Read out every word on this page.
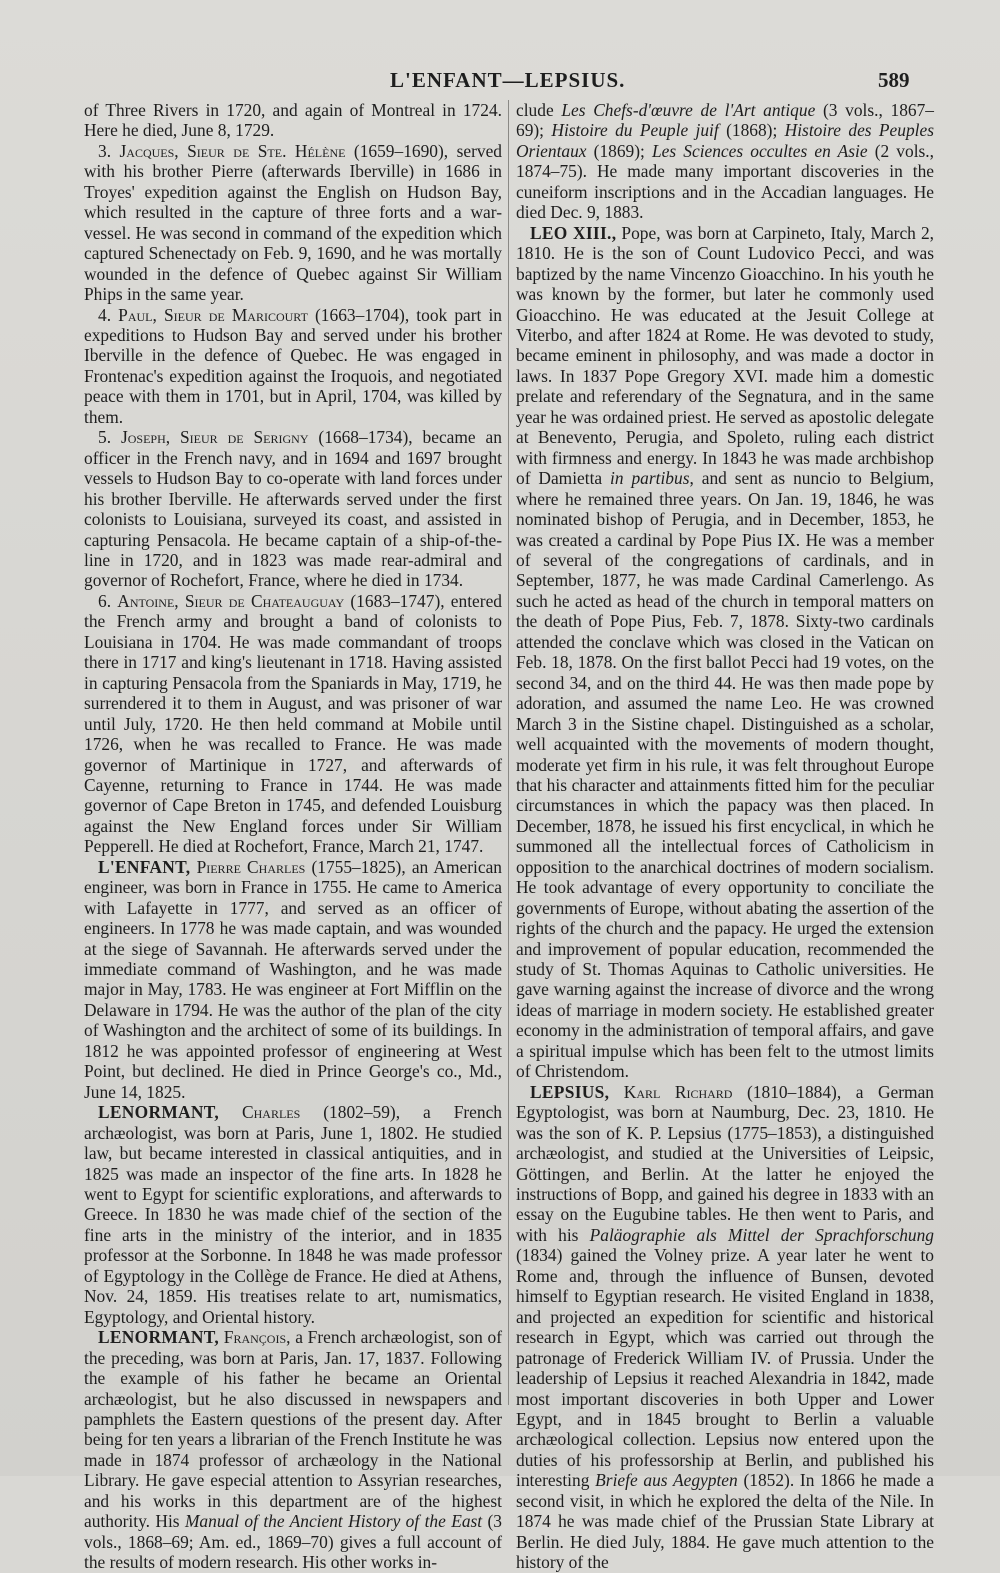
L'ENFANT—LEPSIUS.	589

of Three Rivers in 1720, and again of Montreal in 1724. Here he died, June 8, 1729.

3. Jacques, Sieur de Ste. Hélène (1659–1690), served with his brother Pierre (afterwards Iberville) in 1686 in Troyes' expedition against the English on Hudson Bay, which resulted in the capture of three forts and a war-vessel. He was second in command of the expedition which captured Schenectady on Feb. 9, 1690, and he was mortally wounded in the defence of Quebec against Sir William Phips in the same year.

4. Paul, Sieur de Maricourt (1663–1704), took part in expeditions to Hudson Bay and served under his brother Iberville in the defence of Quebec. He was engaged in Frontenac's expedition against the Iroquois, and negotiated peace with them in 1701, but in April, 1704, was killed by them.

5. Joseph, Sieur de Serigny (1668–1734), became an officer in the French navy, and in 1694 and 1697 brought vessels to Hudson Bay to co-operate with land forces under his brother Iberville. He afterwards served under the first colonists to Louisiana, surveyed its coast, and assisted in capturing Pensacola. He became captain of a ship-of-the-line in 1720, and in 1823 was made rear-admiral and governor of Rochefort, France, where he died in 1734.

6. Antoine, Sieur de Chateauguay (1683–1747), entered the French army and brought a band of colonists to Louisiana in 1704. He was made commandant of troops there in 1717 and king's lieutenant in 1718. Having assisted in capturing Pensacola from the Spaniards in May, 1719, he surrendered it to them in August, and was prisoner of war until July, 1720. He then held command at Mobile until 1726, when he was recalled to France. He was made governor of Martinique in 1727, and afterwards of Cayenne, returning to France in 1744. He was made governor of Cape Breton in 1745, and defended Louisburg against the New England forces under Sir William Pepperell. He died at Rochefort, France, March 21, 1747.

L'ENFANT, Pierre Charles (1755–1825), an American engineer, was born in France in 1755. He came to America with Lafayette in 1777, and served as an officer of engineers. In 1778 he was made captain, and was wounded at the siege of Savannah. He afterwards served under the immediate command of Washington, and he was made major in May, 1783. He was engineer at Fort Mifflin on the Delaware in 1794. He was the author of the plan of the city of Washington and the architect of some of its buildings. In 1812 he was appointed professor of engineering at West Point, but declined. He died in Prince George's co., Md., June 14, 1825.

LENORMANT, Charles (1802–59), a French archæologist, was born at Paris, June 1, 1802. He studied law, but became interested in classical antiquities, and in 1825 was made an inspector of the fine arts. In 1828 he went to Egypt for scientific explorations, and afterwards to Greece. In 1830 he was made chief of the section of the fine arts in the ministry of the interior, and in 1835 professor at the Sorbonne. In 1848 he was made professor of Egyptology in the Collège de France. He died at Athens, Nov. 24, 1859. His treatises relate to art, numismatics, Egyptology, and Oriental history.

LENORMANT, François, a French archæologist, son of the preceding, was born at Paris, Jan. 17, 1837. Following the example of his father he became an Oriental archæologist, but he also discussed in newspapers and pamphlets the Eastern questions of the present day. After being for ten years a librarian of the French Institute he was made in 1874 professor of archæology in the National Library. He gave especial attention to Assyrian researches, and his works in this department are of the highest authority. His Manual of the Ancient History of the East (3 vols., 1868–69; Am. ed., 1869–70) gives a full account of the results of modern research. His other works in-

clude Les Chefs-d'œuvre de l'Art antique (3 vols., 1867–69); Histoire du Peuple juif (1868); Histoire des Peuples Orientaux (1869); Les Sciences occultes en Asie (2 vols., 1874–75). He made many important discoveries in the cuneiform inscriptions and in the Accadian languages. He died Dec. 9, 1883.

LEO XIII., Pope, was born at Carpineto, Italy, March 2, 1810. He is the son of Count Ludovico Pecci, and was baptized by the name Vincenzo Gioacchino. In his youth he was known by the former, but later he commonly used Gioacchino. He was educated at the Jesuit College at Viterbo, and after 1824 at Rome. He was devoted to study, became eminent in philosophy, and was made a doctor in laws. In 1837 Pope Gregory XVI. made him a domestic prelate and referendary of the Segnatura, and in the same year he was ordained priest. He served as apostolic delegate at Benevento, Perugia, and Spoleto, ruling each district with firmness and energy. In 1843 he was made archbishop of Damietta in partibus, and sent as nuncio to Belgium, where he remained three years. On Jan. 19, 1846, he was nominated bishop of Perugia, and in December, 1853, he was created a cardinal by Pope Pius IX. He was a member of several of the congregations of cardinals, and in September, 1877, he was made Cardinal Camerlengo. As such he acted as head of the church in temporal matters on the death of Pope Pius, Feb. 7, 1878. Sixty-two cardinals attended the conclave which was closed in the Vatican on Feb. 18, 1878. On the first ballot Pecci had 19 votes, on the second 34, and on the third 44. He was then made pope by adoration, and assumed the name Leo. He was crowned March 3 in the Sistine chapel. Distinguished as a scholar, well acquainted with the movements of modern thought, moderate yet firm in his rule, it was felt throughout Europe that his character and attainments fitted him for the peculiar circumstances in which the papacy was then placed. In December, 1878, he issued his first encyclical, in which he summoned all the intellectual forces of Catholicism in opposition to the anarchical doctrines of modern socialism. He took advantage of every opportunity to conciliate the governments of Europe, without abating the assertion of the rights of the church and the papacy. He urged the extension and improvement of popular education, recommended the study of St. Thomas Aquinas to Catholic universities. He gave warning against the increase of divorce and the wrong ideas of marriage in modern society. He established greater economy in the administration of temporal affairs, and gave a spiritual impulse which has been felt to the utmost limits of Christendom.

LEPSIUS, Karl Richard (1810–1884), a German Egyptologist, was born at Naumburg, Dec. 23, 1810. He was the son of K. P. Lepsius (1775–1853), a distinguished archæologist, and studied at the Universities of Leipsic, Göttingen, and Berlin. At the latter he enjoyed the instructions of Bopp, and gained his degree in 1833 with an essay on the Eugubine tables. He then went to Paris, and with his Paläographie als Mittel der Sprachforschung (1834) gained the Volney prize. A year later he went to Rome and, through the influence of Bunsen, devoted himself to Egyptian research. He visited England in 1838, and projected an expedition for scientific and historical research in Egypt, which was carried out through the patronage of Frederick William IV. of Prussia. Under the leadership of Lepsius it reached Alexandria in 1842, made most important discoveries in both Upper and Lower Egypt, and in 1845 brought to Berlin a valuable archæological collection. Lepsius now entered upon the duties of his professorship at Berlin, and published his interesting Briefe aus Aegypten (1852). In 1866 he made a second visit, in which he explored the delta of the Nile. In 1874 he was made chief of the Prussian State Library at Berlin. He died July, 1884. He gave much attention to the history of the
